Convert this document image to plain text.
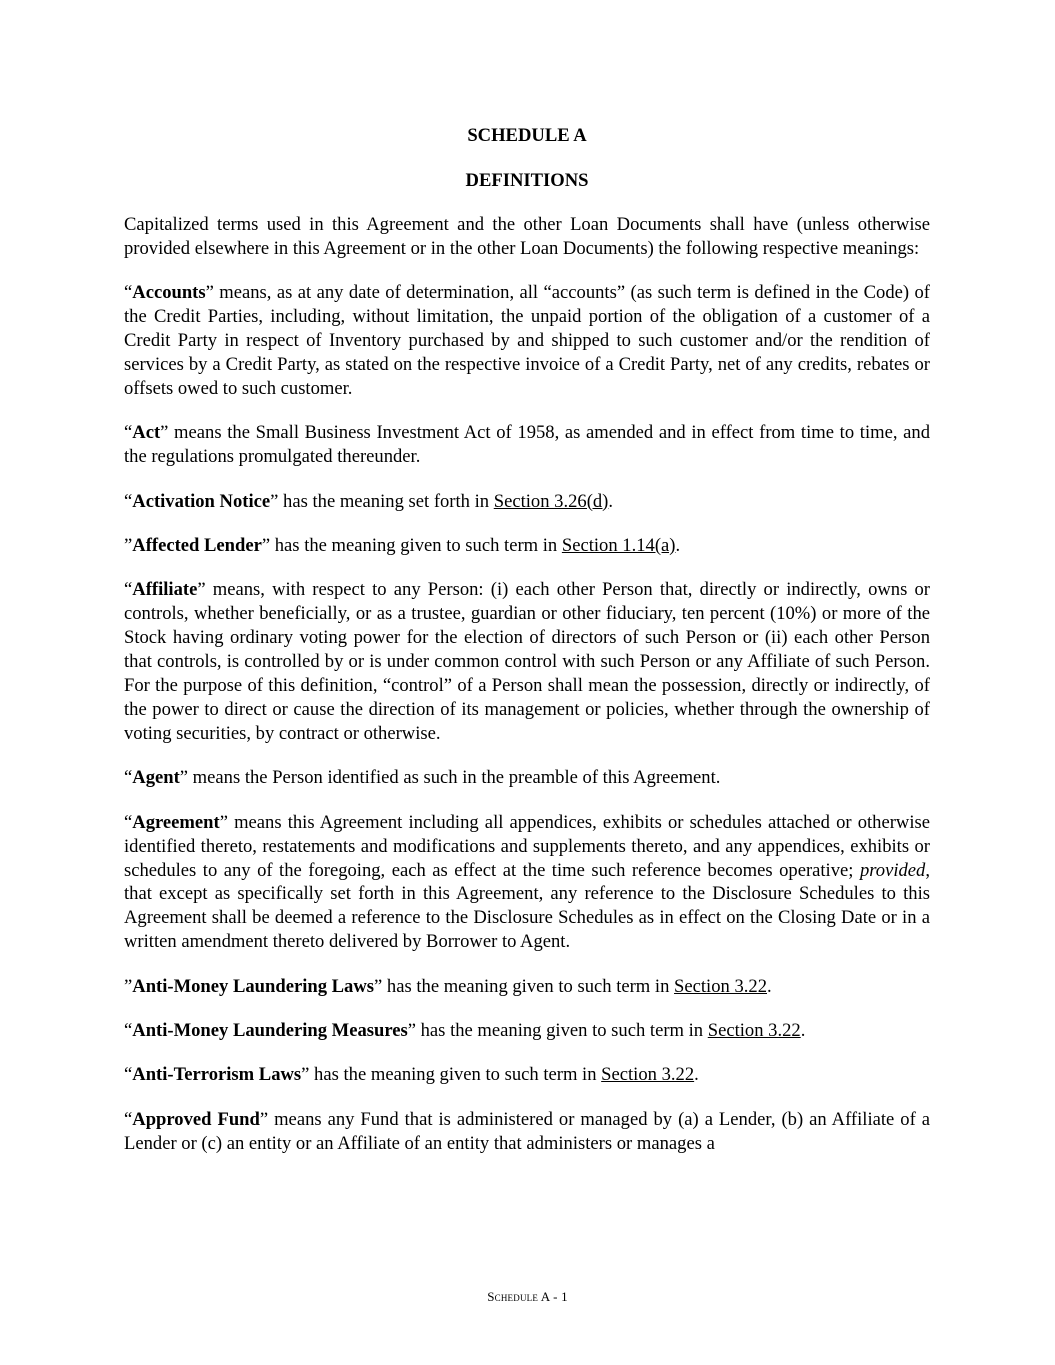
SCHEDULE A

DEFINITIONS

Capitalized terms used in this Agreement and the other Loan Documents shall have (unless otherwise provided elsewhere in this Agreement or in the other Loan Documents) the following respective meanings:

“Accounts” means, as at any date of determination, all “accounts” (as such term is defined in the Code) of the Credit Parties, including, without limitation, the unpaid portion of the obligation of a customer of a Credit Party in respect of Inventory purchased by and shipped to such customer and/or the rendition of services by a Credit Party, as stated on the respective invoice of a Credit Party, net of any credits, rebates or offsets owed to such customer.

“Act” means the Small Business Investment Act of 1958, as amended and in effect from time to time, and the regulations promulgated thereunder.

“Activation Notice” has the meaning set forth in Section 3.26(d).

”Affected Lender” has the meaning given to such term in Section 1.14(a).

“Affiliate” means, with respect to any Person: (i) each other Person that, directly or indirectly, owns or controls, whether beneficially, or as a trustee, guardian or other fiduciary, ten percent (10%) or more of the Stock having ordinary voting power for the election of directors of such Person or (ii) each other Person that controls, is controlled by or is under common control with such Person or any Affiliate of such Person. For the purpose of this definition, “control” of a Person shall mean the possession, directly or indirectly, of the power to direct or cause the direction of its management or policies, whether through the ownership of voting securities, by contract or otherwise.

“Agent” means the Person identified as such in the preamble of this Agreement.

“Agreement” means this Agreement including all appendices, exhibits or schedules attached or otherwise identified thereto, restatements and modifications and supplements thereto, and any appendices, exhibits or schedules to any of the foregoing, each as effect at the time such reference becomes operative; provided, that except as specifically set forth in this Agreement, any reference to the Disclosure Schedules to this Agreement shall be deemed a reference to the Disclosure Schedules as in effect on the Closing Date or in a written amendment thereto delivered by Borrower to Agent.

”Anti-Money Laundering Laws” has the meaning given to such term in Section 3.22.

“Anti-Money Laundering Measures” has the meaning given to such term in Section 3.22.

“Anti-Terrorism Laws” has the meaning given to such term in Section 3.22.

“Approved Fund” means any Fund that is administered or managed by (a) a Lender, (b) an Affiliate of a Lender or (c) an entity or an Affiliate of an entity that administers or manages a

Schedule A - 1
